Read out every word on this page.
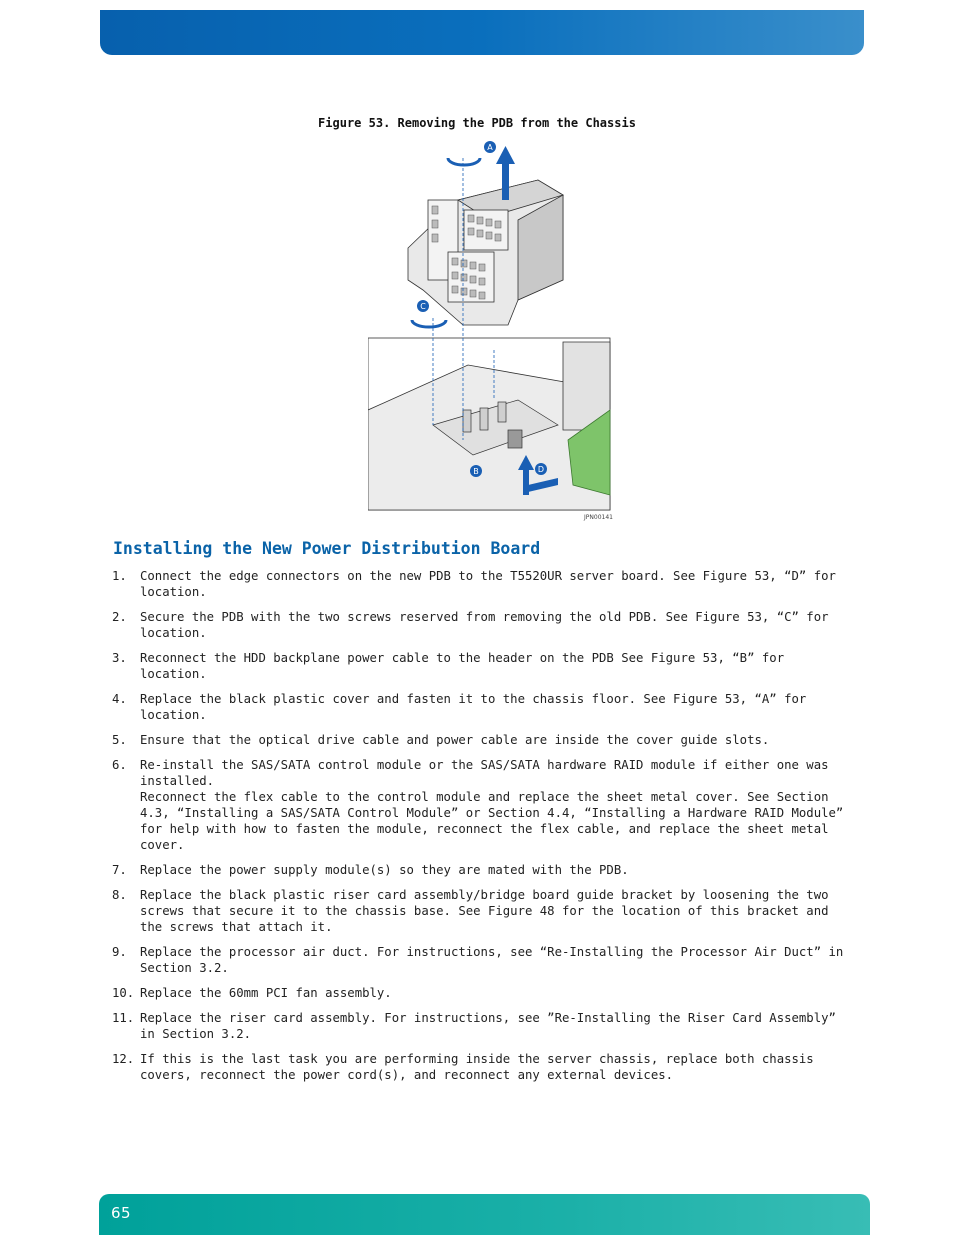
Figure 53. Removing the PDB from the Chassis
A
C
B	D
JPN00141
Installing the New Power Distribution Board
1. Connect the edge connectors on the new PDB to the T5520UR server board. See Figure 53, “D” for location.
2. Secure the PDB with the two screws reserved from removing the old PDB. See Figure 53, “C” for location.
3. Reconnect the HDD backplane power cable to the header on the PDB See Figure 53, “B” for location.
4. Replace the black plastic cover and fasten it to the chassis floor. See Figure 53, “A” for location.
5. Ensure that the optical drive cable and power cable are inside the cover guide slots.
6. Re-install the SAS/SATA control module or the SAS/SATA hardware RAID module if either one was installed.
Reconnect the flex cable to the control module and replace the sheet metal cover. See Section 4.3, “Installing a SAS/SATA Control Module” or Section 4.4, “Installing a Hardware RAID Module” for help with how to fasten the module, reconnect the flex cable, and replace the sheet metal cover.
7. Replace the power supply module(s) so they are mated with the PDB.
8. Replace the black plastic riser card assembly/bridge board guide bracket by loosening the two screws that secure it to the chassis base. See Figure 48 for the location of this bracket and the screws that attach it.
9. Replace the processor air duct. For instructions, see “Re-Installing the Processor Air Duct” in Section 3.2.
10. Replace the 60mm PCI fan assembly.
11. Replace the riser card assembly. For instructions, see ”Re-Installing the Riser Card Assembly” in Section 3.2.
12. If this is the last task you are performing inside the server chassis, replace both chassis covers, reconnect the power cord(s), and reconnect any external devices.
65
